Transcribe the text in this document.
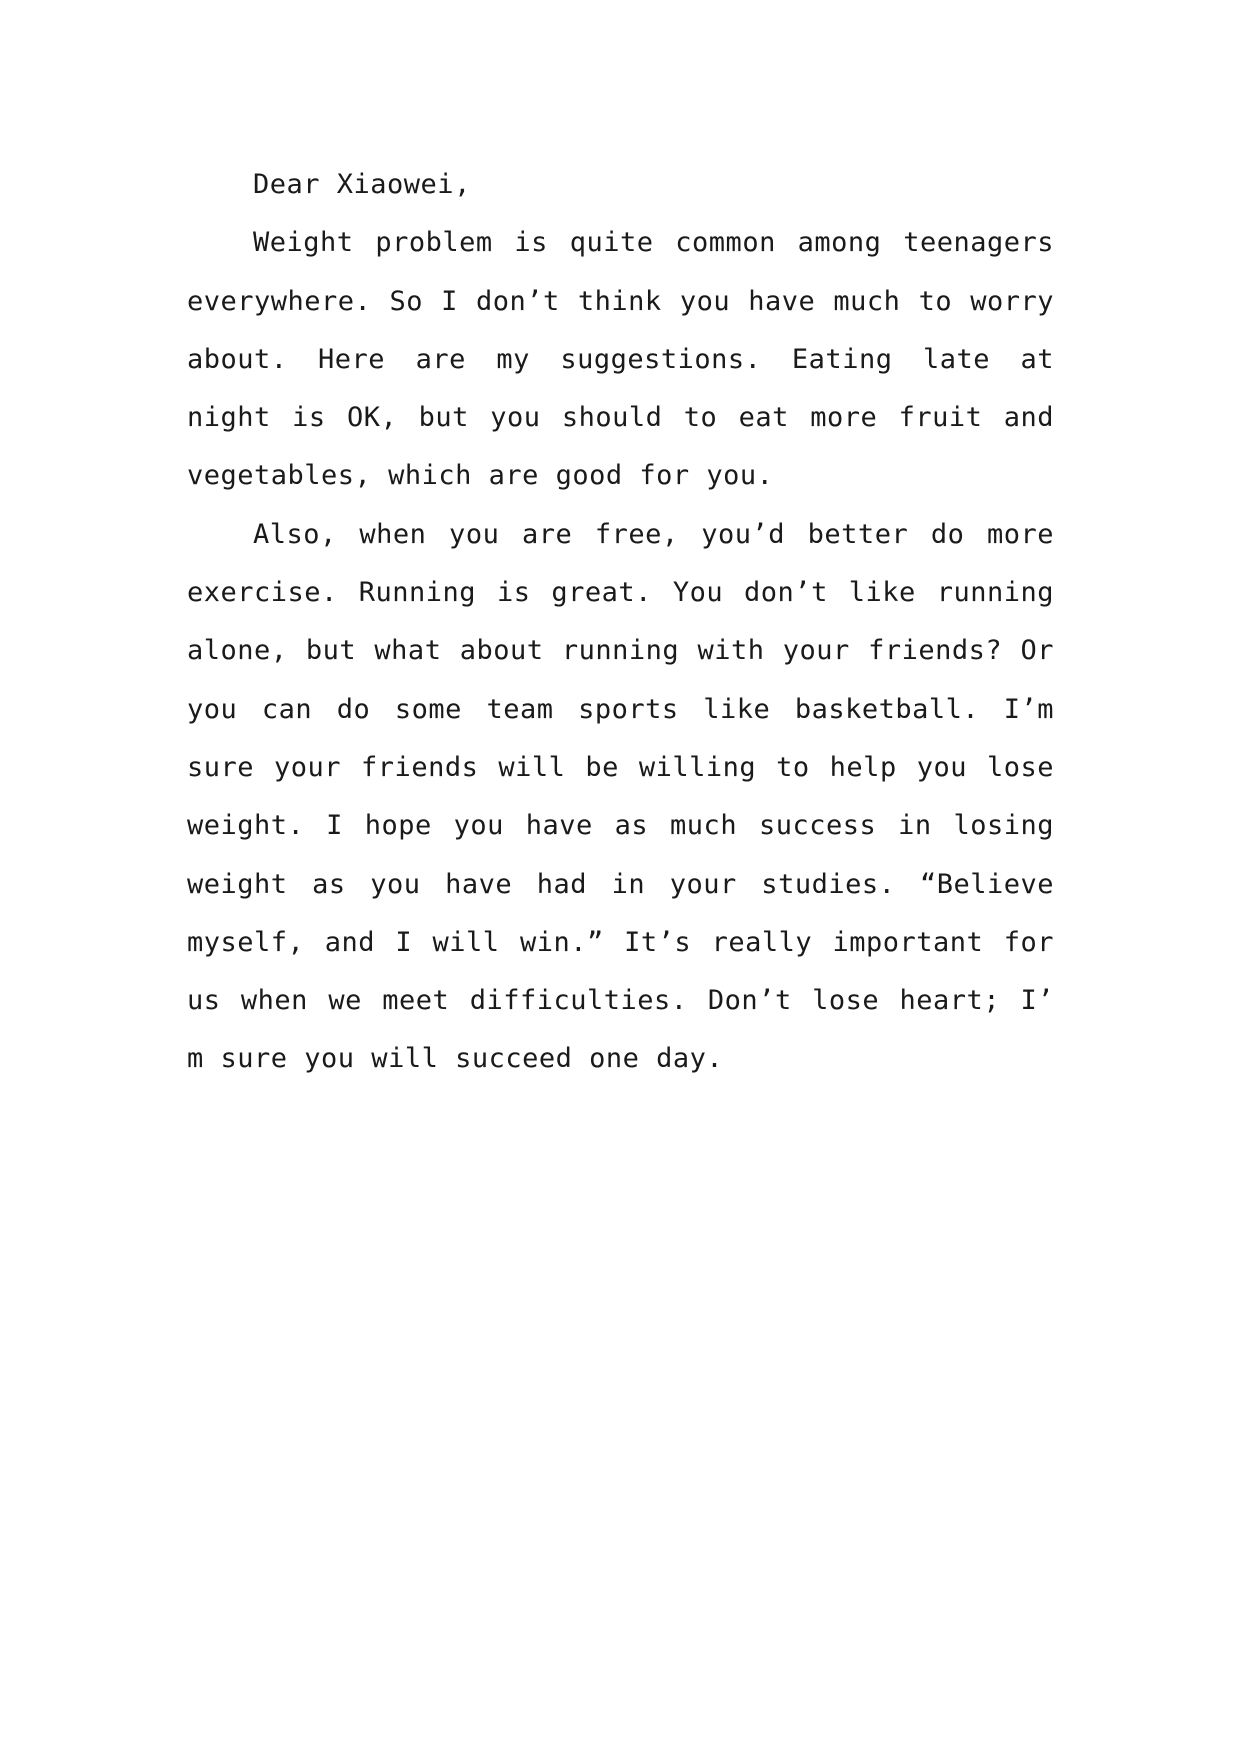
Dear Xiaowei,
Weight problem is quite common among teenagers
everywhere. So I don’t think you have much to worry
about. Here are my suggestions. Eating late at
night is OK, but you should to eat more fruit and
vegetables, which are good for you.
Also, when you are free, you’d better do more
exercise. Running is great. You don’t like running
alone, but what about running with your friends? Or
you can do some team sports like basketball. I’m
sure your friends will be willing to help you lose
weight. I hope you have as much success in losing
weight as you have had in your studies. “Believe
myself, and I will win.” It’s really important for
us when we meet difficulties. Don’t lose heart; I’
m sure you will succeed one day.
